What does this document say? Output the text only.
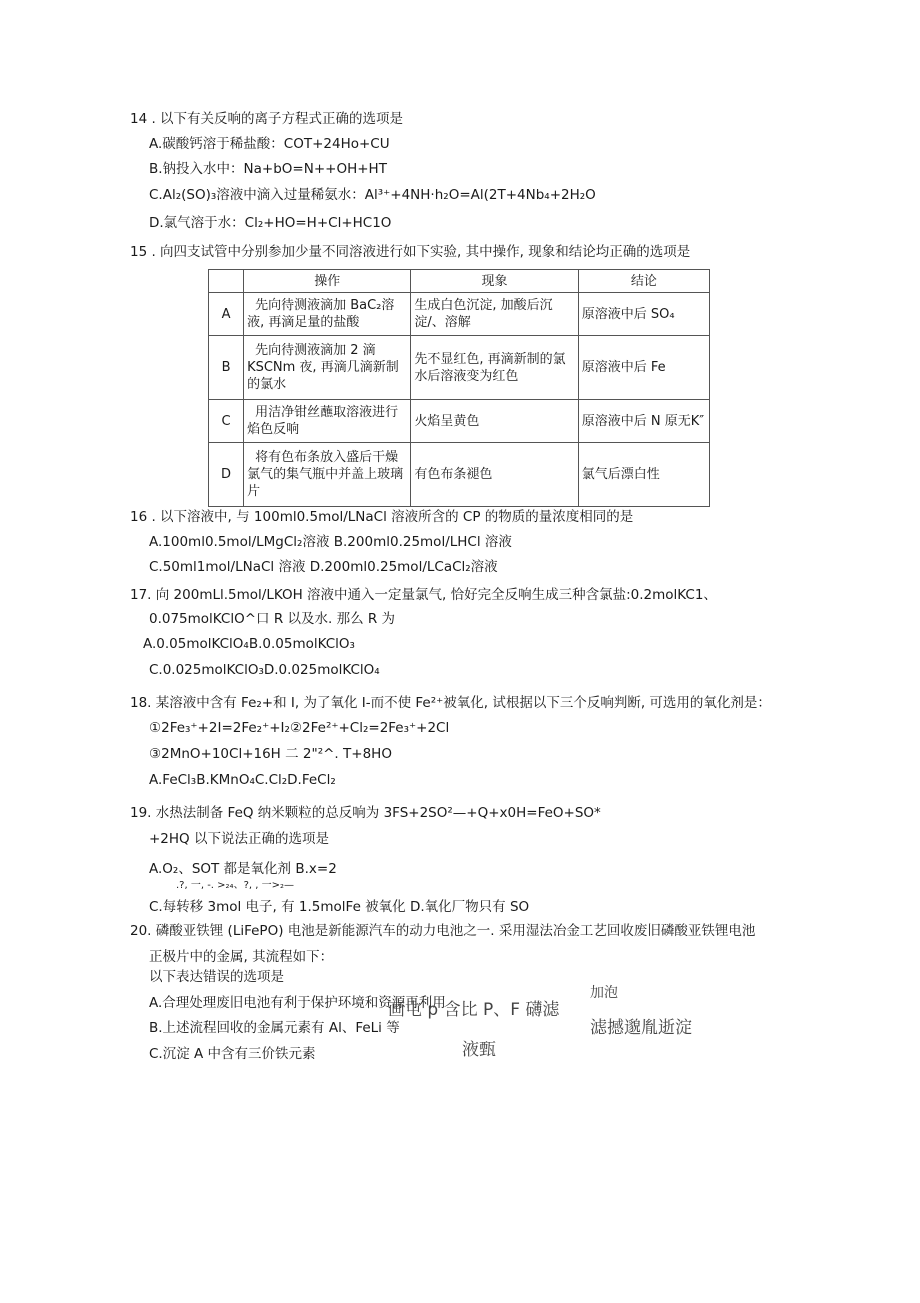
14 . 以下有关反响的离子方程式正确的选项是
A.碳酸钙溶于稀盐酸：COT+24Ho+CU
B.钠投入水中：Na+bO=N++OH+HT
C.Al₂(SO)₃溶液中滴入过量稀氨水：Al³⁺+4NH·h₂O=Al(2T+4Nb₄+2H₂O
D.氯气溶于水：Cl₂+HO=H+Cl+HC1O
15 . 向四支试管中分别参加少量不同溶液进行如下实验, 其中操作, 现象和结论均正确的选项是
	操作	现象	结论
A	先向待测液滴加 BaC₂溶液, 再滴足量的盐酸	生成白色沉淀, 加酸后沉淀/、溶解	原溶液中后 SO₄
B	先向待测液滴加 2 滴KSCNm 夜, 再滴几滴新制的氯水	先不显红色, 再滴新制的氯水后溶液变为红色	原溶液中后 Fe
C	用洁净钳丝蘸取溶液进行焰色反响	火焰呈黄色	原溶液中后 N 原无K″
D	将有色布条放入盛后干燥氯气的集气瓶中并盖上玻璃片	有色布条褪色	氯气后漂白性
16 . 以下溶液中, 与 100ml0.5mol/LNaCl 溶液所含的 CP 的物质的量浓度相同的是
A.100ml0.5mol/LMgCl₂溶液 B.200ml0.25mol/LHCl 溶液
C.50ml1mol/LNaCl 溶液 D.200ml0.25mol/LCaCl₂溶液
17. 向 200mLl.5mol/LKOH 溶液中通入一定量氯气, 恰好完全反响生成三种含氯盐:0.2molKC1、
0.075molKClO^口 R 以及水. 那么 R 为
A.0.05molKClO₄B.0.05molKClO₃
C.0.025molKClO₃D.0.025molKClO₄
18. 某溶液中含有 Fe₂+和 I, 为了氧化 I-而不使 Fe²⁺被氧化, 试根据以下三个反响判断, 可选用的氧化剂是：
①2Fe₃⁺+2I=2Fe₂⁺+I₂②2Fe²⁺+Cl₂=2Fe₃⁺+2Cl
③2MnO+10Cl+16H 二 2"²^. T+8HO
A.FeCl₃B.KMnO₄C.Cl₂D.FeCl₂
19. 水热法制备 FeQ 纳米颗粒的总反响为 3FS+2SO²—+Q+x0H=FeO+SO*
+2HQ 以下说法正确的选项是
A.O₂、SOT 都是氧化剂 B.x=2
.?, 一, -. >₂₄、?, , 一>₂—
C.每转移 3mol 电子, 有 1.5molFe 被氧化 D.氧化厂物只有 SO
20. 磷酸亚铁锂 (LiFePO) 电池是新能源汽车的动力电池之一. 采用湿法冶金工艺回收废旧磷酸亚铁锂电池
正极片中的金属, 其流程如下：
以下表达错误的选项是
A.合理处理废旧电池有利于保护环境和资源再利用
B.上述流程回收的金属元素有 Al、FeLi 等
C.沉淀 A 中含有三价铁元素
加泡
画屯 p 含比 P、F 礴滤
滤撼邈胤逝淀
液甄
